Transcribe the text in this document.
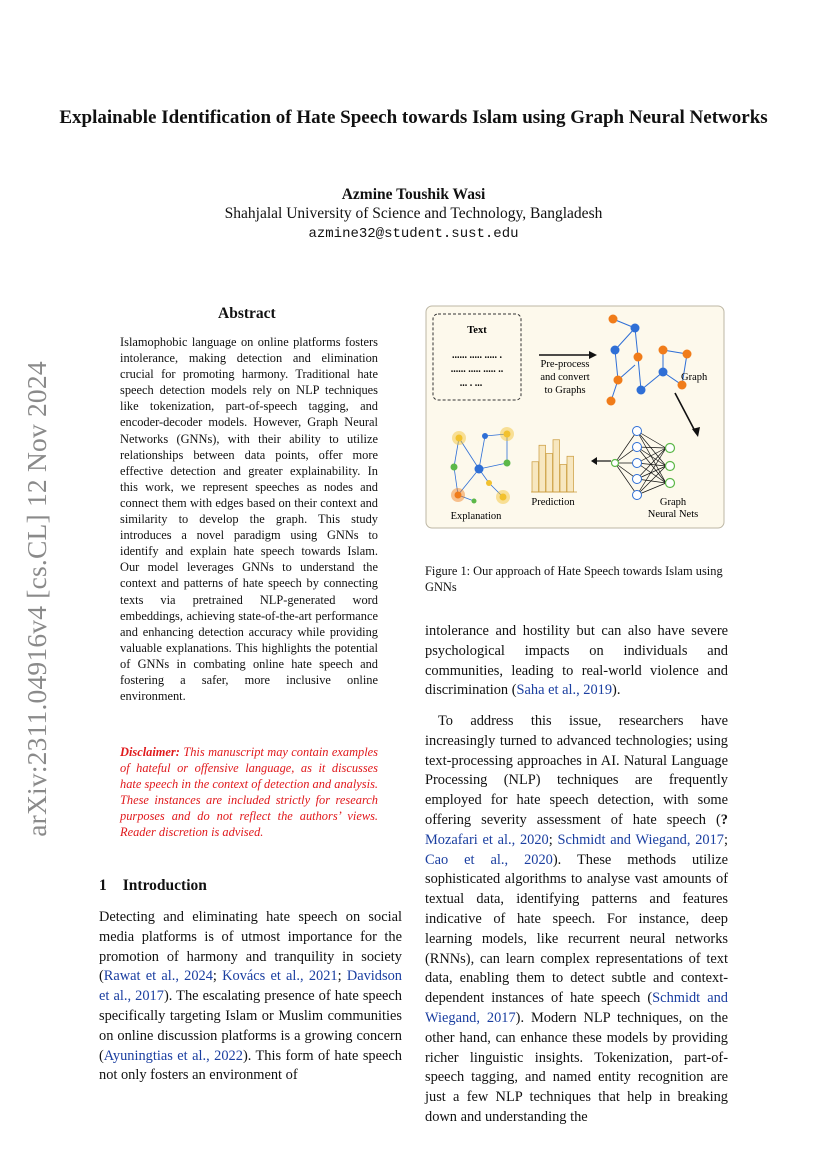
Explainable Identification of Hate Speech towards Islam using Graph Neural Networks
Azmine Toushik Wasi
Shahjalal University of Science and Technology, Bangladesh
azmine32@student.sust.edu
arXiv:2311.04916v4 [cs.CL] 12 Nov 2024
Abstract
Islamophobic language on online platforms fosters intolerance, making detection and elimination crucial for promoting harmony. Traditional hate speech detection models rely on NLP techniques like tokenization, part-of-speech tagging, and encoder-decoder models. However, Graph Neural Networks (GNNs), with their ability to utilize relationships between data points, offer more effective detection and greater explainability. In this work, we represent speeches as nodes and connect them with edges based on their context and similarity to develop the graph. This study introduces a novel paradigm using GNNs to identify and explain hate speech towards Islam. Our model leverages GNNs to understand the context and patterns of hate speech by connecting texts via pretrained NLP-generated word embeddings, achieving state-of-the-art performance and enhancing detection accuracy while providing valuable explanations. This highlights the potential of GNNs in combating online hate speech and fostering a safer, more inclusive online environment.
Disclaimer: This manuscript may contain examples of hateful or offensive language, as it discusses hate speech in the context of detection and analysis. These instances are included strictly for research purposes and do not reflect the authors’ views. Reader discretion is advised.
1 Introduction
Detecting and eliminating hate speech on social media platforms is of utmost importance for the promotion of harmony and tranquility in society (Rawat et al., 2024; Kovács et al., 2021; Davidson et al., 2017). The escalating presence of hate speech specifically targeting Islam or Muslim communities on online discussion platforms is a growing concern (Ayuningtias et al., 2022). This form of hate speech not only fosters an environment of
intolerance and hostility but can also have severe psychological impacts on individuals and communities, leading to real-world violence and discrimination (Saha et al., 2019).
To address this issue, researchers have increasingly turned to advanced technologies; using text-processing approaches in AI. Natural Language Processing (NLP) techniques are frequently employed for hate speech detection, with some offering severity assessment of hate speech (?Mozafari et al., 2020; Schmidt and Wiegand, 2017; Cao et al., 2020). These methods utilize sophisticated algorithms to analyse vast amounts of textual data, identifying patterns and features indicative of hate speech. For instance, deep learning models, like recurrent neural networks (RNNs), can learn complex representations of text data, enabling them to detect subtle and context-dependent instances of hate speech (Schmidt and Wiegand, 2017). Modern NLP techniques, on the other hand, can enhance these models by providing richer linguistic insights. Tokenization, part-of-speech tagging, and named entity recognition are just a few NLP techniques that help in breaking down and understanding the
Text
...... ..... ..... .
...... ..... ..... ..
... . ...
Pre-process
and convert
to Graphs
Graph
Graph
Neural Nets
Prediction
Explanation
Figure 1: Our approach of Hate Speech towards Islam using GNNs
